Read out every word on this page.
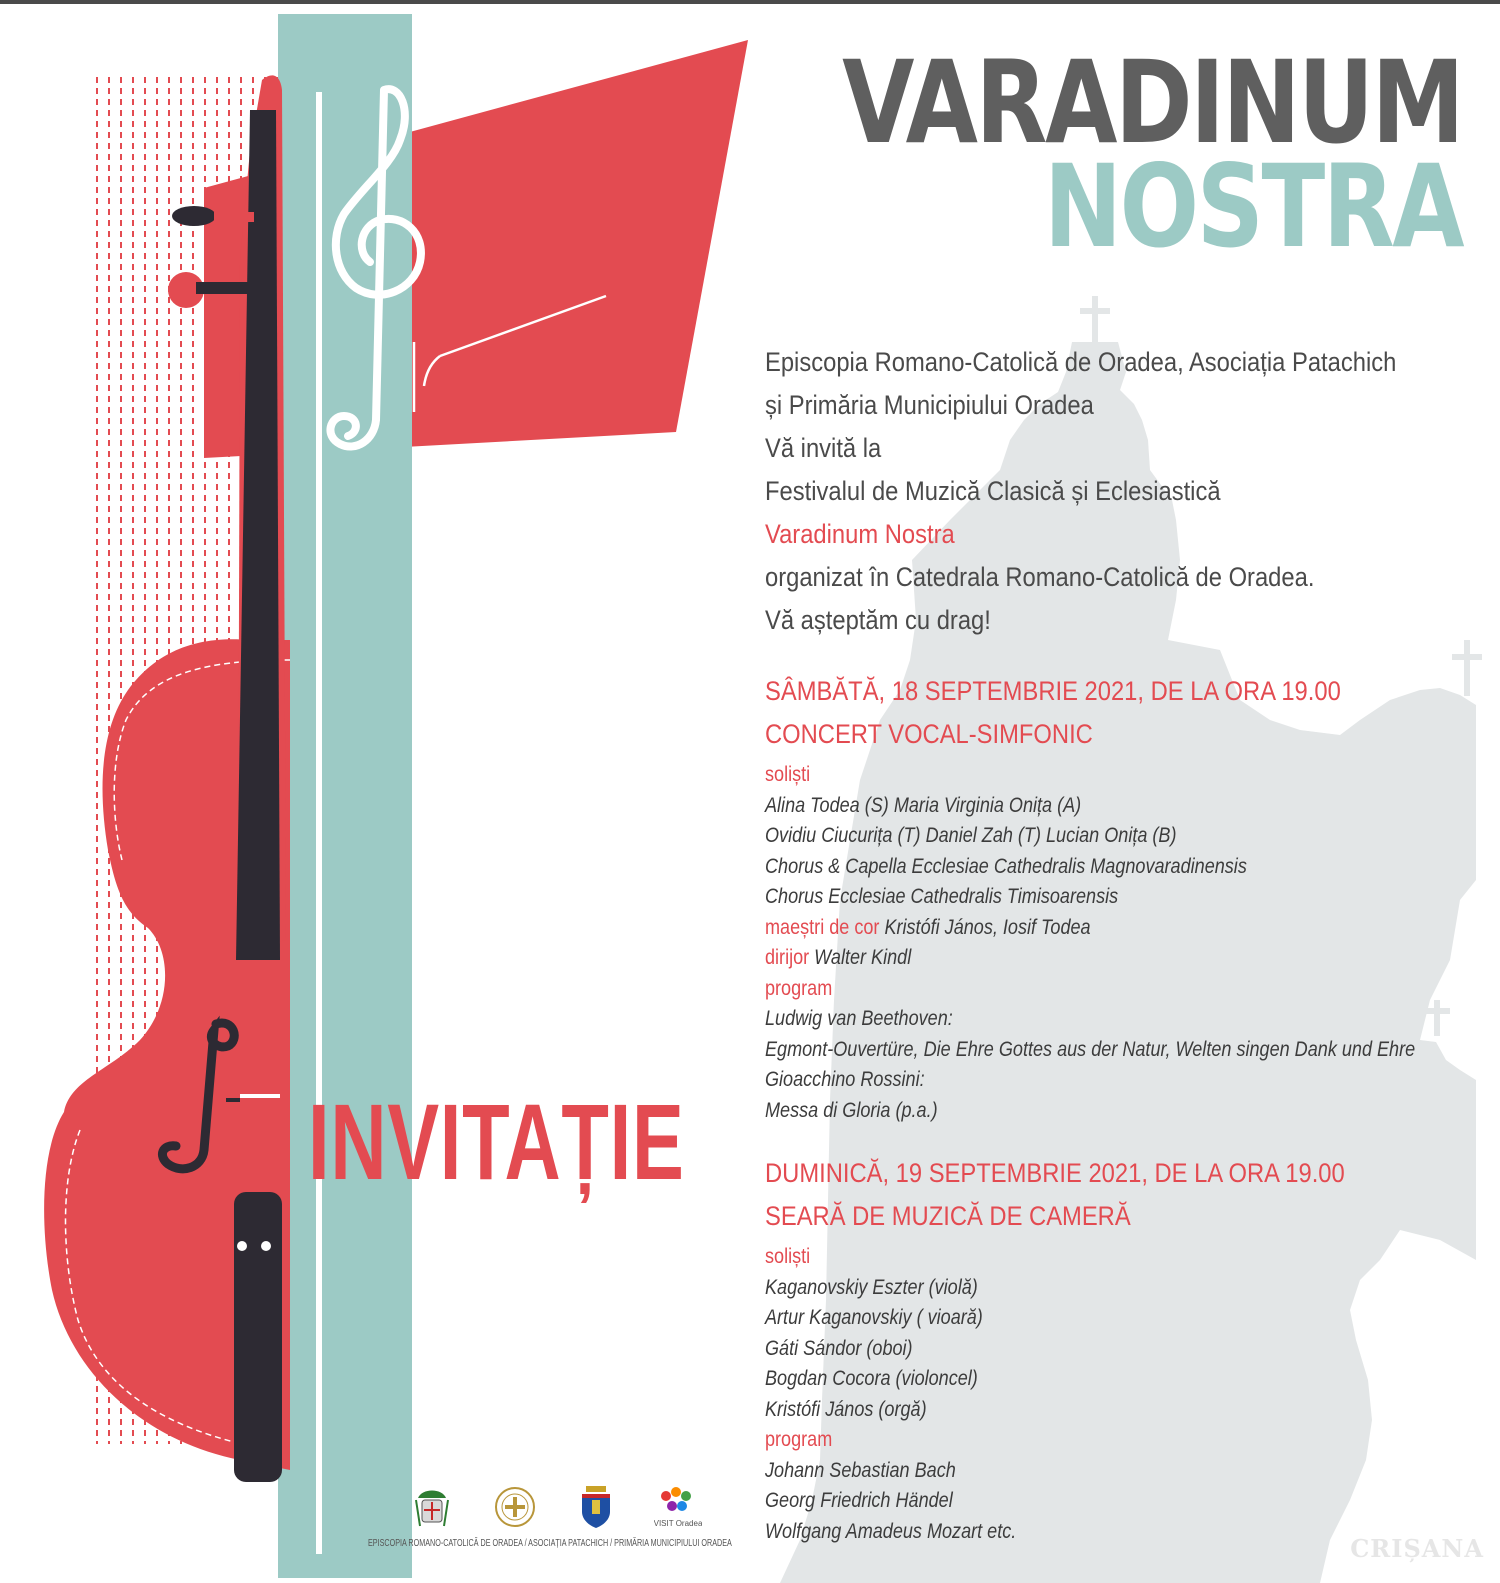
VARADINUM
NOSTRA

Episcopia Romano-Catolică de Oradea, Asociația Patachich

și Primăria Municipiului Oradea

Vă invită la

Festivalul de Muzică Clasică și Eclesiastică

Varadinum Nostra

organizat în Catedrala Romano-Catolică de Oradea.

Vă așteptăm cu drag!

SÂMBĂTĂ, 18 SEPTEMBRIE 2021, DE LA ORA 19.00

CONCERT VOCAL-SIMFONIC

soliști

Alina Todea (S) Maria Virginia Onița (A)

Ovidiu Ciucurița (T) Daniel Zah (T) Lucian Onița (B)

Chorus & Capella Ecclesiae Cathedralis Magnovaradinensis

Chorus Ecclesiae Cathedralis Timisoarensis

maeștri de cor Kristófi János, Iosif Todea

dirijor Walter Kindl

program

Ludwig van Beethoven:

Egmont-Ouvertüre, Die Ehre Gottes aus der Natur, Welten singen Dank und Ehre

Gioacchino Rossini:

Messa di Gloria (p.a.)

DUMINICĂ, 19 SEPTEMBRIE 2021, DE LA ORA 19.00

SEARĂ DE MUZICĂ DE CAMERĂ

soliști

Kaganovskiy Eszter (violă)

Artur Kaganovskiy ( vioară)

Gáti Sándor (oboi)

Bogdan Cocora (violoncel)

Kristófi János (orgă)

program

Johann Sebastian Bach

Georg Friedrich Händel

Wolfgang Amadeus Mozart etc.

INVITAȚIE
VISIT Oradea
EPISCOPIA ROMANO-CATOLICĂ DE ORADEA / ASOCIAȚIA PATACHICH / PRIMĂRIA MUNICIPIULUI ORADEA	CRIȘANA
